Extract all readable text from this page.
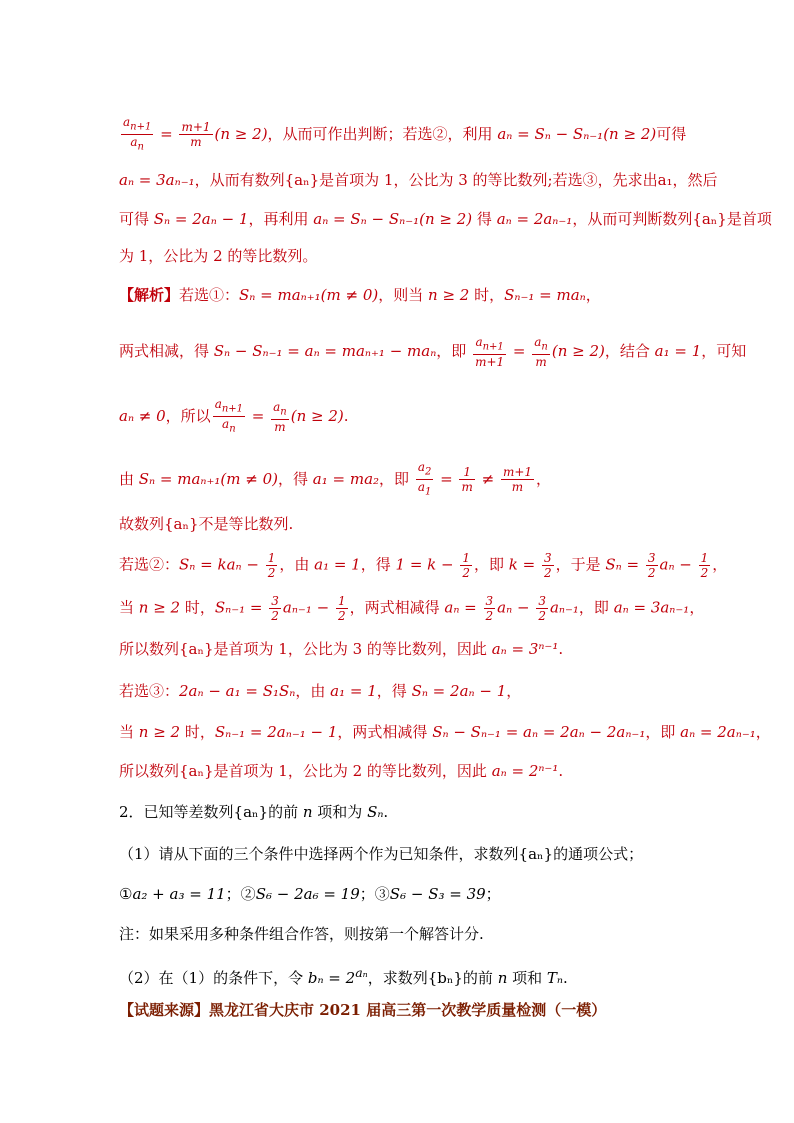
$\frac{a_{n+1}}{a_n} = \frac{m+1}{m} (n \ge 2)$，从而可作出判断；若选②，利用 aₙ = Sₙ − Sₙ₋₁(n ≥ 2)可得
aₙ = 3aₙ₋₁，从而有数列{aₙ}是首项为 1，公比为 3 的等比数列;若选③，先求出a₁，然后
可得 Sₙ = 2aₙ − 1，再利用 aₙ = Sₙ − Sₙ₋₁(n ≥ 2) 得 aₙ = 2aₙ₋₁，从而可判断数列{aₙ}是首项
为 1，公比为 2 的等比数列。
【解析】若选①：Sₙ = maₙ₊₁(m ≠ 0)，则当 n ≥ 2 时，Sₙ₋₁ = maₙ，
两式相减，得 Sₙ − Sₙ₋₁ = aₙ = maₙ₊₁ − maₙ，即 $\frac{a_{n+1}}{m+1} = \frac{a_n}{m} (n \ge 2)$，结合 a₁ = 1，可知
aₙ ≠ 0，所以 $\frac{a_{n+1}}{a_n} = \frac{a_n}{m} (n \ge 2)$.
由 Sₙ = maₙ₊₁(m ≠ 0)，得 a₁ = ma₂，即 $\frac{a_2}{a_1} = \frac{1}{m} \ne \frac{m+1}{m}$ ，
故数列{aₙ}不是等比数列.
若选②：$S_n = ka_n - \frac{1}{2}$ ，由 a₁ = 1，得 $1 = k - \frac{1}{2}$ ，即 $k = \frac{3}{2}$ ，于是 $S_n = \frac{3}{2}$ $a_n - \frac{1}{2}$ ，
当 n ≥ 2 时，$S_{n-1} = \frac{3}{2} a_{n-1} - \frac{1}{2}$ ，两式相减得 $a_n = \frac{3}{2}$ $a_n - \frac{3}{2} a_{n-1}$，即 aₙ = 3aₙ₋₁，
所以数列{aₙ}是首项为 1，公比为 3 的等比数列，因此 aₙ = 3ⁿ⁻¹.
若选③：2aₙ − a₁ = S₁Sₙ，由 a₁ = 1，得 Sₙ = 2aₙ − 1，
当 n ≥ 2 时，Sₙ₋₁ = 2aₙ₋₁ − 1，两式相减得 Sₙ − Sₙ₋₁ = aₙ = 2aₙ − 2aₙ₋₁，即 aₙ = 2aₙ₋₁，
所以数列{aₙ}是首项为 1，公比为 2 的等比数列，因此 aₙ = 2ⁿ⁻¹.
2．已知等差数列{aₙ}的前 n 项和为 Sₙ.
（1）请从下面的三个条件中选择两个作为已知条件，求数列{aₙ}的通项公式；
①a₂ + a₃ = 11；②S₆ − 2a₆ = 19；③S₆ − S₃ = 39；
注：如果采用多种条件组合作答，则按第一个解答计分.
（2）在（1）的条件下，令 $b_n = 2^{a_n}$，求数列{bₙ}的前 n 项和 Tₙ.
【试题来源】黑龙江省大庆市 2021 届高三第一次教学质量检测（一模）
